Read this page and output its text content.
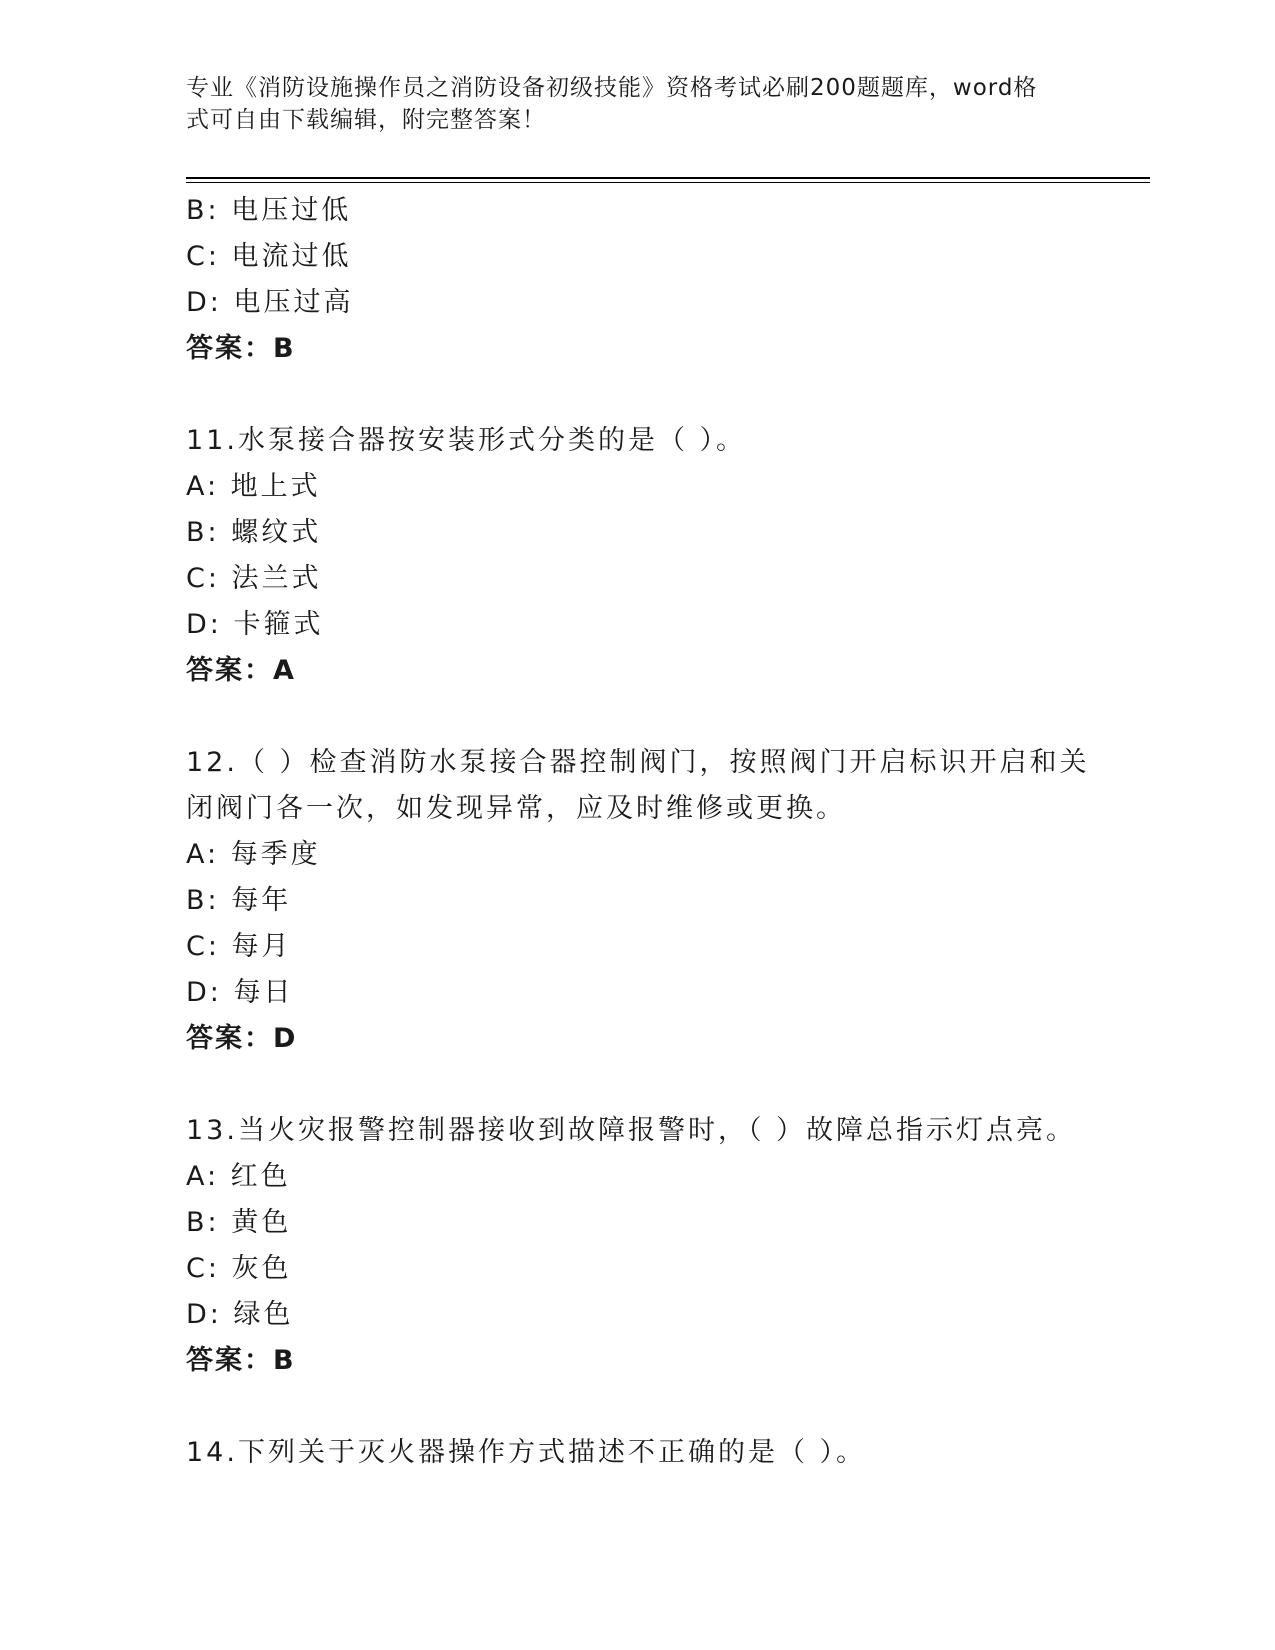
专业《消防设施操作员之消防设备初级技能》资格考试必刷200题题库，word格
式可自由下载编辑，附完整答案！
B: 电压过低
C: 电流过低
D: 电压过高
答案：B
11.水泵接合器按安装形式分类的是（ ）。
A: 地上式
B: 螺纹式
C: 法兰式
D: 卡箍式
答案：A
12.（ ）检查消防水泵接合器控制阀门，按照阀门开启标识开启和关
闭阀门各一次，如发现异常，应及时维修或更换。
A: 每季度
B: 每年
C: 每月
D: 每日
答案：D
13.当火灾报警控制器接收到故障报警时，（ ）故障总指示灯点亮。
A: 红色
B: 黄色
C: 灰色
D: 绿色
答案：B
14.下列关于灭火器操作方式描述不正确的是（ ）。
